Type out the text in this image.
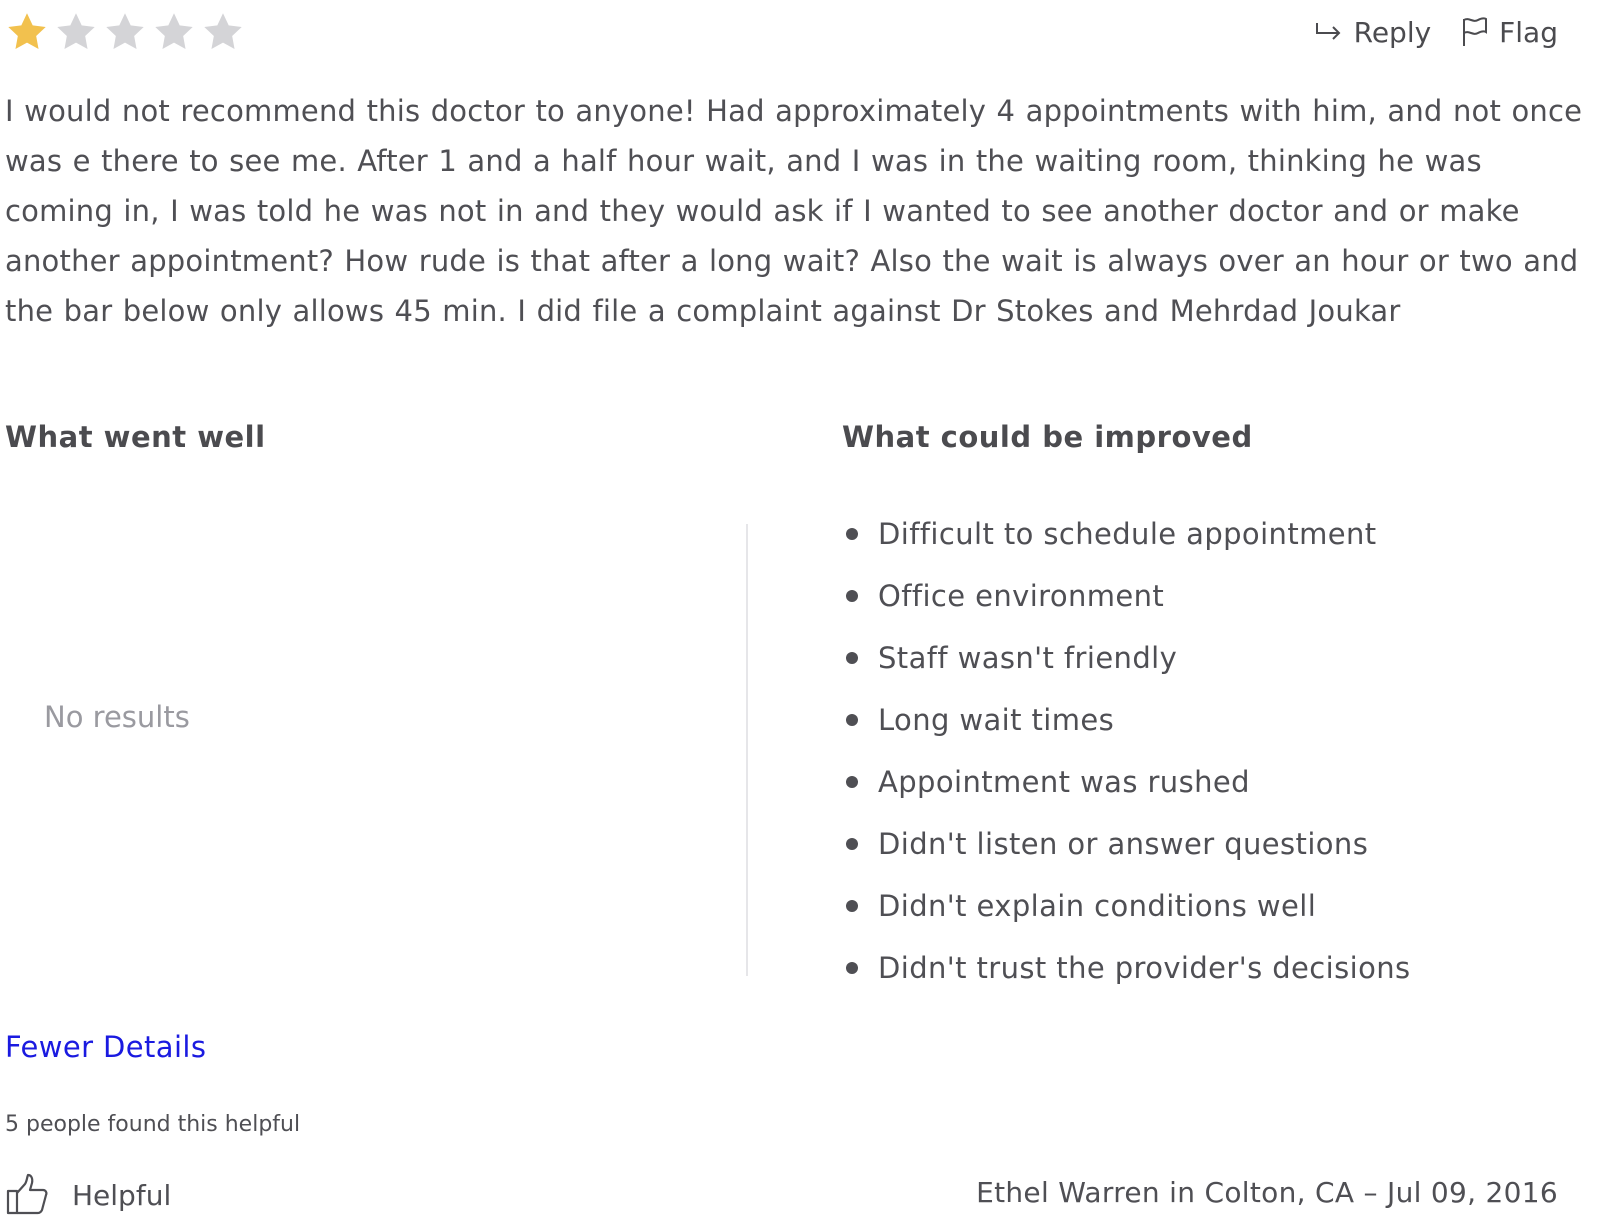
Reply Flag

I would not recommend this doctor to anyone! Had approximately 4 appointments with him, and not once was e there to see me. After 1 and a half hour wait, and I was in the waiting room, thinking he was coming in, I was told he was not in and they would ask if I wanted to see another doctor and or make another appointment? How rude is that after a long wait? Also the wait is always over an hour or two and the bar below only allows 45 min. I did file a complaint against Dr Stokes and Mehrdad Joukar

What went well
No results
What could be improved
Difficult to schedule appointment
Office environment
Staff wasn't friendly
Long wait times
Appointment was rushed
Didn't listen or answer questions
Didn't explain conditions well
Didn't trust the provider's decisions
Fewer Details
5 people found this helpful
Helpful	Ethel Warren in Colton, CA – Jul 09, 2016
